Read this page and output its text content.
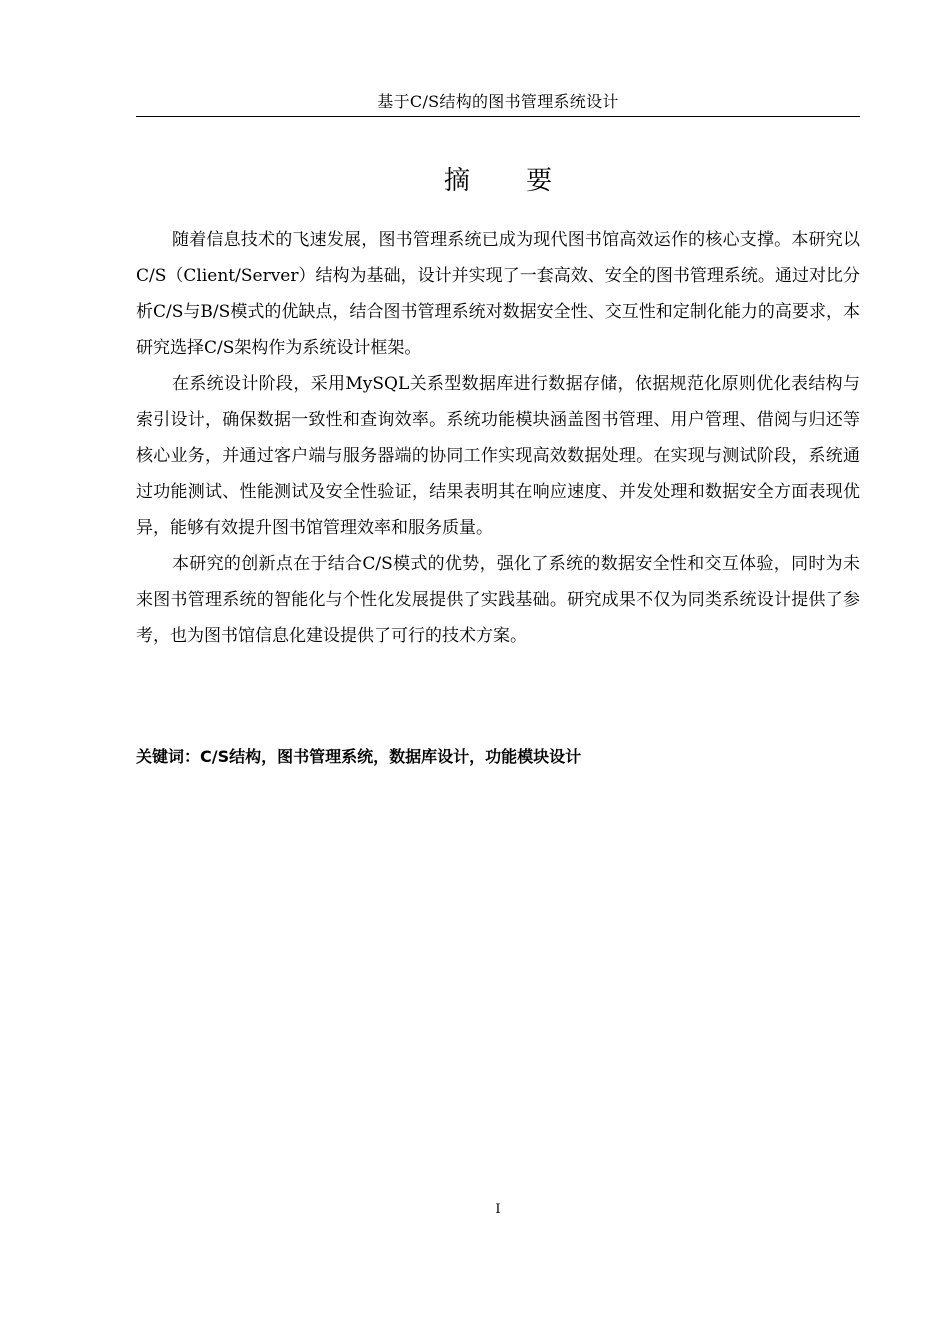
基于C/S结构的图书管理系统设计
摘 要

随着信息技术的飞速发展，图书管理系统已成为现代图书馆高效运作的核心支撑。本研究以C/S（Client/Server）结构为基础，设计并实现了一套高效、安全的图书管理系统。通过对比分析C/S与B/S模式的优缺点，结合图书管理系统对数据安全性、交互性和定制化能力的高要求，本研究选择C/S架构作为系统设计框架。

在系统设计阶段，采用MySQL关系型数据库进行数据存储，依据规范化原则优化表结构与索引设计，确保数据一致性和查询效率。系统功能模块涵盖图书管理、用户管理、借阅与归还等核心业务，并通过客户端与服务器端的协同工作实现高效数据处理。在实现与测试阶段，系统通过功能测试、性能测试及安全性验证，结果表明其在响应速度、并发处理和数据安全方面表现优异，能够有效提升图书馆管理效率和服务质量。

本研究的创新点在于结合C/S模式的优势，强化了系统的数据安全性和交互体验，同时为未来图书管理系统的智能化与个性化发展提供了实践基础。研究成果不仅为同类系统设计提供了参考，也为图书馆信息化建设提供了可行的技术方案。

关键词：C/S结构，图书管理系统，数据库设计，功能模块设计
I
